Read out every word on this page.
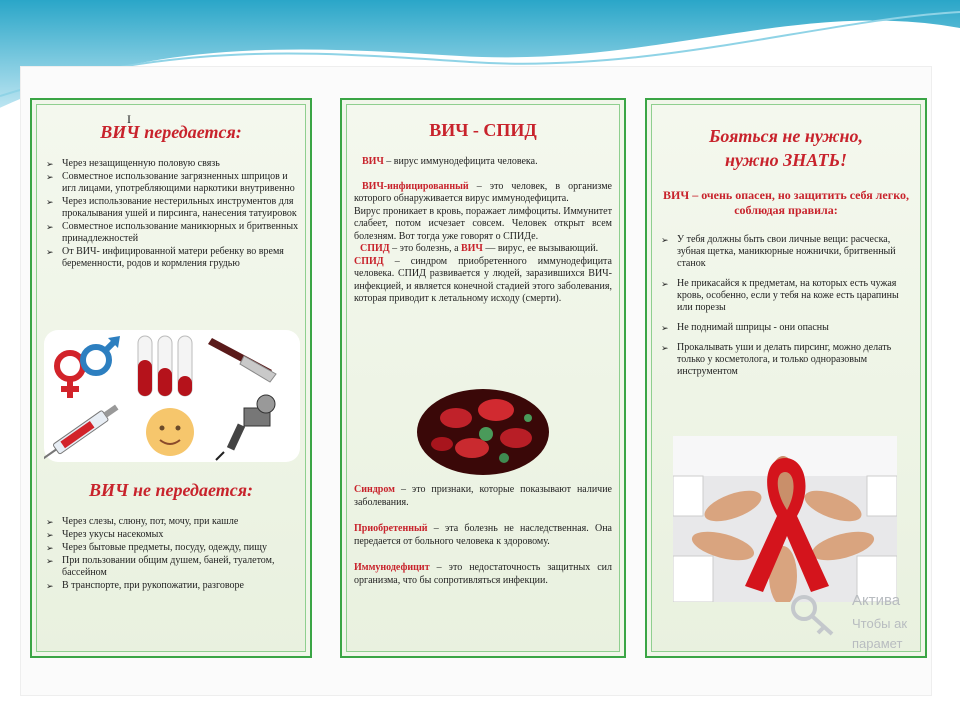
I
ВИЧ передается:
➢ Через незащищенную половую связь
➢ Совместное использование загрязненных шприцов и игл лицами, употребляющими наркотики внутривенно
➢ Через использование нестерильных инструментов для прокалывания ушей и пирсинга, нанесения татуировок
➢ Совместное использование маникюрных и бритвенных принадлежностей
➢ От ВИЧ- инфицированной матери ребенку во время беременности, родов и кормления грудью
ВИЧ не передается:
➢ Через слезы, слюну, пот, мочу, при кашле
➢ Через укусы насекомых
➢ Через бытовые предметы, посуду, одежду, пищу
➢ При пользовании общим душем, баней, туалетом, бассейном
➢ В транспорте, при рукопожатии, разговоре
ВИЧ - СПИД

ВИЧ – вирус иммунодефицита человека.

ВИЧ-инфицированный – это человек, в организме которого обнаруживается вирус иммунодефицита.

Вирус проникает в кровь, поражает лимфоциты. Иммунитет слабеет, потом исчезает совсем. Человек открыт всем болезням. Вот тогда уже говорят о СПИДе.

СПИД – это болезнь, а ВИЧ — вирус, ее вызывающий.

СПИД – синдром приобретенного иммунодефицита человека. СПИД развивается у людей, заразившихся ВИЧ-инфекцией, и является конечной стадией этого заболевания, которая приводит к летальному исходу (смерти).

Синдром – это признаки, которые показывают наличие заболевания.

Приобретенный – эта болезнь не наследственная. Она передается от больного человека к здоровому.

Иммунодефицит – это недостаточность защитных сил организма, что бы сопротивляться инфекции.

Бояться не нужно,
нужно ЗНАТЬ!

ВИЧ – очень опасен, но защитить себя легко, соблюдая правила:

➢ У тебя должны быть свои личные вещи: расческа, зубная щетка, маникюрные ножнички, бритвенный станок
➢ Не прикасайся к предметам, на которых есть чужая кровь, особенно, если у тебя на коже есть царапины или порезы
➢ Не поднимай шприцы - они опасны
➢ Прокалывать уши и делать пирсинг, можно делать только у косметолога, и только одноразовым инструментом
Актива
Чтобы ак
парамет
